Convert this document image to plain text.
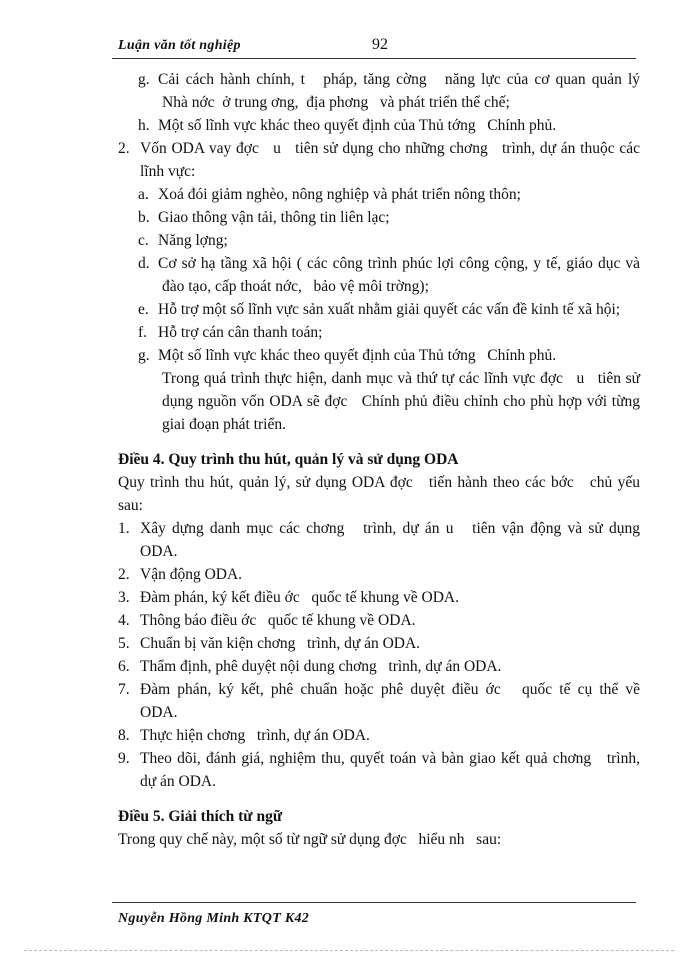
Luận văn tốt nghiệp	92
g. Cải cách hành chính, t   pháp, tăng cờng   năng lực của cơ quan quản lý
Nhà nớc  ở trung ơng,  địa phơng   và phát triển thể chế;
h. Một số lĩnh vực khác theo quyết định của Thủ tớng   Chính phủ.
2. Vốn ODA vay đợc   u   tiên sử dụng cho những chơng   trình, dự án thuộc các
lĩnh vực:
a. Xoá đói giảm nghèo, nông nghiệp và phát triển nông thôn;
b. Giao thông vận tải, thông tin liên lạc;
c. Năng lợng;
d. Cơ sở hạ tầng xã hội ( các công trình phúc lợi công cộng, y tế, giáo dục và
đào tạo, cấp thoát nớc,   bảo vệ môi trờng);
e. Hỗ trợ một số lĩnh vực sản xuất nhằm giải quyết các vấn đề kinh tế xã hội;
f. Hỗ trợ cán cân thanh toán;
g. Một số lĩnh vực khác theo quyết định của Thủ tớng   Chính phủ.
Trong quá trình thực hiện, danh mục và thứ tự các lĩnh vực đợc   u   tiên sử
dụng nguồn vốn ODA sẽ đợc   Chính phủ điều chỉnh cho phù hợp với từng
giai đoạn phát triển.
Điều 4. Quy trình thu hút, quản lý và sử dụng ODA
Quy trình thu hút, quản lý, sử dụng ODA đợc   tiến hành theo các bớc   chủ yếu
sau:
1. Xây dựng danh mục các chơng   trình, dự án u   tiên vận động và sử dụng
ODA.
2. Vận động ODA.
3. Đàm phán, ký kết điều ớc   quốc tế khung về ODA.
4. Thông báo điều ớc   quốc tế khung về ODA.
5. Chuẩn bị văn kiện chơng   trình, dự án ODA.
6. Thẩm định, phê duyệt nội dung chơng   trình, dự án ODA.
7. Đàm phán, ký kết, phê chuẩn hoặc phê duyệt điều ớc   quốc tế cụ thể về
ODA.
8. Thực hiện chơng   trình, dự án ODA.
9. Theo dõi, đánh giá, nghiệm thu, quyết toán và bàn giao kết quả chơng   trình,
dự án ODA.
Điều 5. Giải thích từ ngữ
Trong quy chế này, một số từ ngữ sử dụng đợc   hiểu nh   sau:
Nguyễn Hồng Minh KTQT K42
